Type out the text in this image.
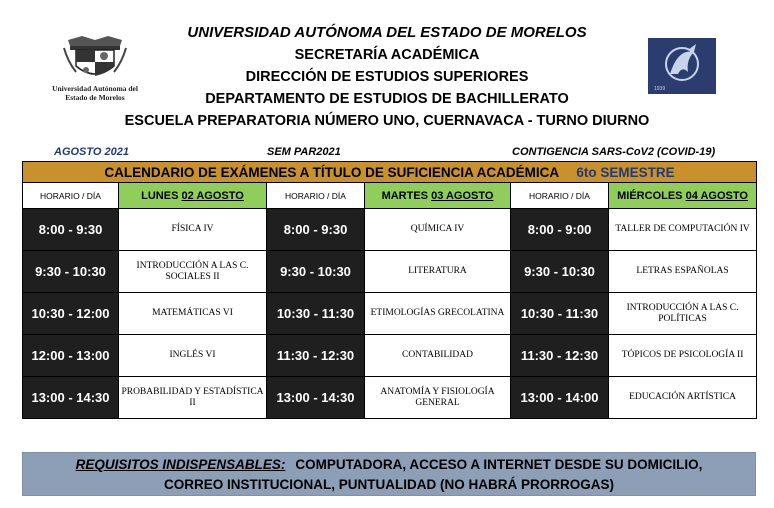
Universidad Autónoma del
Estado de Morelos
1939
UNIVERSIDAD AUTÓNOMA DEL ESTADO DE MORELOS
SECRETARÍA ACADÉMICA
DIRECCIÓN DE ESTUDIOS SUPERIORES
DEPARTAMENTO DE ESTUDIOS DE BACHILLERATO
ESCUELA PREPARATORIA NÚMERO UNO, CUERNAVACA - TURNO DIURNO
AGOSTO 2021	SEM PAR2021	CONTIGENCIA SARS-CoV2 (COVID-19)
CALENDARIO DE EXÁMENES A TÍTULO DE SUFICIENCIA ACADÉMICA 6to SEMESTRE					
HORARIO / DÍA	LUNES 02 AGOSTO	HORARIO / DÍA	MARTES 03 AGOSTO	HORARIO / DÍA	MIÉRCOLES 04 AGOSTO
8:00 - 9:30	FÍSICA IV	8:00 - 9:30	QUÍMICA IV	8:00 - 9:00	TALLER DE COMPUTACIÓN IV
9:30 - 10:30	INTRODUCCIÓN A LAS C. SOCIALES II	9:30 - 10:30	LITERATURA	9:30 - 10:30	LETRAS ESPAÑOLAS
10:30 - 12:00	MATEMÁTICAS VI	10:30 - 11:30	ETIMOLOGÍAS GRECOLATINA	10:30 - 11:30	INTRODUCCIÓN A LAS C. POLÍTICAS
12:00 - 13:00	INGLÉS VI	11:30 - 12:30	CONTABILIDAD	11:30 - 12:30	TÓPICOS DE PSICOLOGÍA II
13:00 - 14:30	PROBABILIDAD Y ESTADÍSTICA II	13:00 - 14:30	ANATOMÍA Y FISIOLOGÍA GENERAL	13:00 - 14:00	EDUCACIÓN ARTÍSTICA
REQUISITOS INDISPENSABLES: COMPUTADORA, ACCESO A INTERNET DESDE SU DOMICILIO,
CORREO INSTITUCIONAL, PUNTUALIDAD (NO HABRÁ PRORROGAS)
